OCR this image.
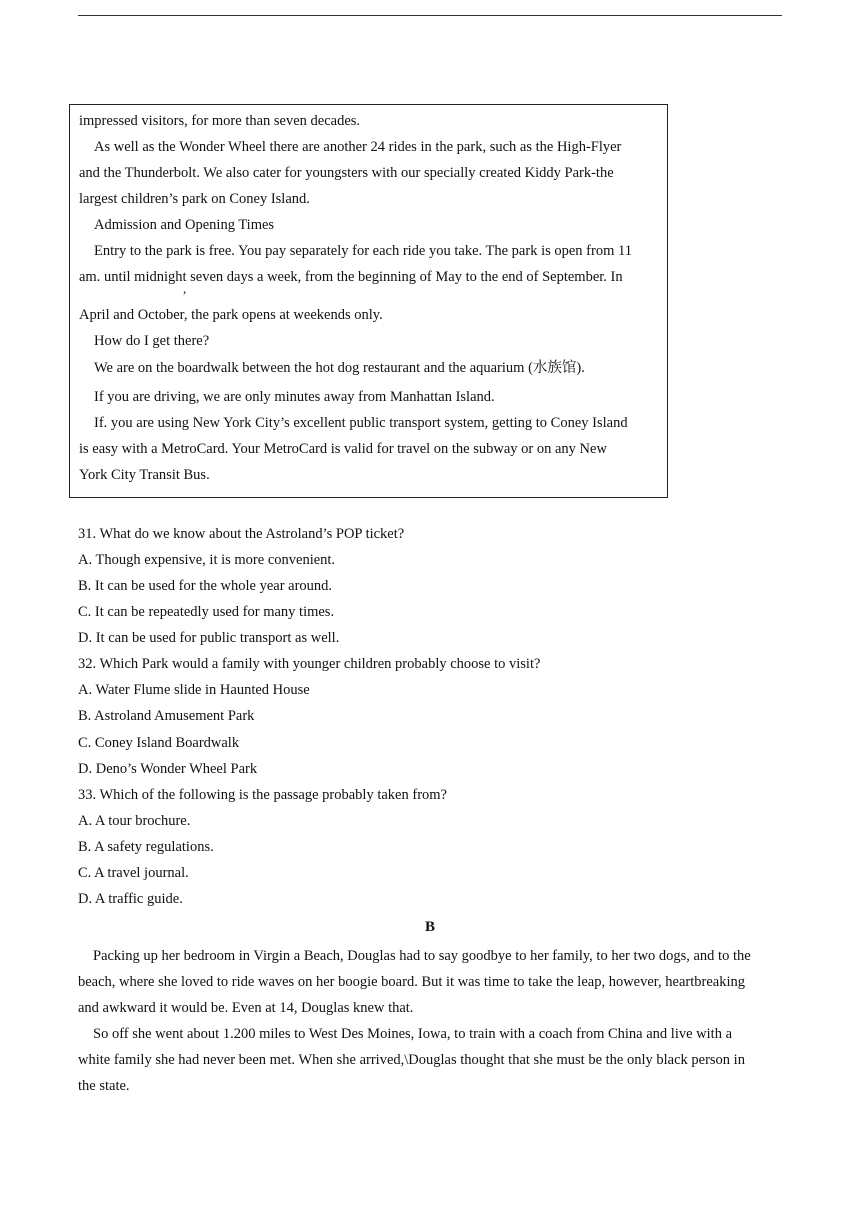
impressed visitors, for more than seven decades.
As well as the Wonder Wheel there are another 24 rides in the park, such as the High-Flyer
and the Thunderbolt. We also cater for youngsters with our specially created Kiddy Park-the
largest children’s park on Coney Island.
Admission and Opening Times
Entry to the park is free. You pay separately for each ride you take. The park is open from 11
am. until midnight seven days a week, from the beginning of May to the end of September. In
,
April and October, the park opens at weekends only.
How do I get there?
We are on the boardwalk between the hot dog restaurant and the aquarium (水族馆).
If you are driving, we are only minutes away from Manhattan Island.
If. you are using New York City’s excellent public transport system, getting to Coney Island
is easy with a MetroCard. Your MetroCard is valid for travel on the subway or on any New
York City Transit Bus.
31. What do we know about the Astroland’s POP ticket?
A. Though expensive, it is more convenient.
B. It can be used for the whole year around.
C. It can be repeatedly used for many times.
D. It can be used for public transport as well.
32. Which Park would a family with younger children probably choose to visit?
A. Water Flume slide in Haunted House
B. Astroland Amusement Park
C. Coney Island Boardwalk
D. Deno’s Wonder Wheel Park
33. Which of the following is the passage probably taken from?
A. A tour brochure.
B. A safety regulations.
C. A travel journal.
D. A traffic guide.
B
Packing up her bedroom in Virgin a Beach, Douglas had to say goodbye to her family, to her two dogs, and to the
beach, where she loved to ride waves on her boogie board. But it was time to take the leap, however, heartbreaking
and awkward it would be. Even at 14, Douglas knew that.
So off she went about 1.200 miles to West Des Moines, Iowa, to train with a coach from China and live with a
white family she had never been met. When she arrived,\Douglas thought that she must be the only black person in
the state.
